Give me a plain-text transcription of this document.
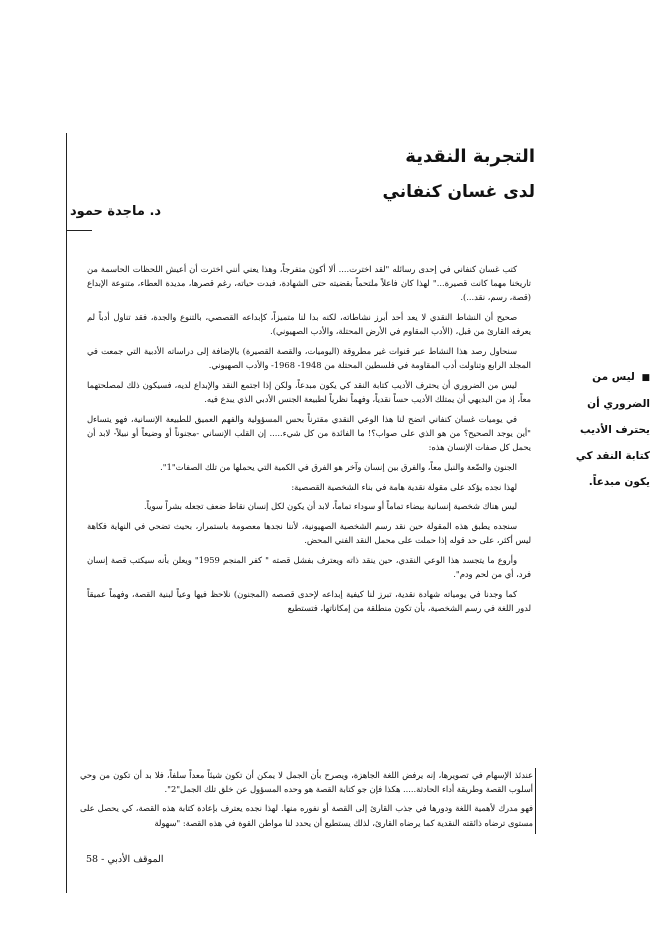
التجربة النقدية
لدى غسان كنفاني
د. ماجدة حمود

كتب غسان كنفاني في إحدى رسائله "لقد اخترت.... ألا أكون متفرجاً، وهذا يعني أنني اخترت أن أعيش اللحظات الحاسمة من تاريخنا مهما كانت قصيرة..." لهذا كان فاعلاً ملتحماً بقضيته حتى الشهادة، فبدت حياته، رغم قصرها، مديدة العطاء، متنوعة الإبداع (قصة، رسم، نقد...).

صحيح أن النشاط النقدي لا يعد أحد أبرز نشاطاته، لكنه بدا لنا متميزاً، كإبداعه القصصي، بالتنوع والجدة، فقد تناول أدباً لم يعرفه القارئ من قبل، (الأدب المقاوم في الأرض المحتلة، والأدب الصهيوني).

سنحاول رصد هذا النشاط عبر قنوات غير مطروقة (اليوميات، والقصة القصيرة) بالإضافة إلى دراساته الأدبية التي جمعت في المجلد الرابع وتناولت أدب المقاومة في فلسطين المحتلة من 1948- 1968- والأدب الصهيوني.

ليس من الضروري أن يحترف الأديب كتابة النقد كي يكون مبدعاً، ولكن إذا اجتمع النقد والإبداع لديه، فسيكون ذلك لمصلحتهما معاً، إذ من البديهي أن يمتلك الأديب حساً نقدياً، وفهماً نظرياً لطبيعة الجنس الأدبي الذي يبدع فيه.

في يوميات غسان كنفاني اتضح لنا هذا الوعي النقدي مقترناً بحس المسؤولية والفهم العميق للطبيعة الإنسانية، فهو يتساءل "أين يوجد الصحيح؟ من هو الذي على صواب؟! ما الفائدة من كل شيء..... إن القلب الإنساني -مجنوناً أو وضيعاً أو نبيلاً- لابد أن يحمل كل صفات الإنسان هذه:

الجنون والضّعة والنبل معاً، والفرق بين إنسان وآخر هو الفرق في الكمية التي يحملها من تلك الصفات"1".

لهذا نجده يؤكد على مقولة نقدية هامة في بناء الشخصية القصصية:

ليس هناك شخصية إنسانية بيضاء تماماً أو سوداء تماماً، لابد أن يكون لكل إنسان نقاط ضعف تجعله بشراً سوياً.

سنجده يطبق هذه المقولة حين نقد رسم الشخصية الصهيونية، لأننا نجدها معصومة باستمرار، بحيث تضحي في النهاية فكاهة ليس أكثر، على حد قوله إذا حملت على محمل النقد الفني المحض.

وأروع ما يتجسد هذا الوعي النقدي، حين ينقد ذاته ويعترف بفشل قصته " كفر المنجم 1959" ويعلن بأنه سيكتب قصة إنسان فرد، أي من لحم ودم".

كما وجدنا في يومياته شهادة نقدية، تبرز لنا كيفية إبداعه لإحدى قصصه (المجنون) نلاحظ فيها وعياً لبنية القصة، وفهماً عميقاً لدور اللغة في رسم الشخصية، بأن تكون منطلقة من إمكاناتها، فتستطيع

عندئذ الإسهام في تصويرها، إنه يرفض اللغة الجاهزة، ويصرح بأن الجمل لا يمكن أن تكون شيئاً معداً سلفاً، فلا بد أن تكون من وحي أسلوب القصة وطريقة أداء الحادثة..... هكذا فإن جو كتابة القصة هو وحده المسؤول عن خلق تلك الجمل"2".

فهو مدرك لأهمية اللغة ودورها في جذب القارئ إلى القصة أو نفوره منها. لهذا نجده يعترف بإعادة كتابة هذه القصة، كي يحصل على مستوى ترضاه ذائقته النقدية كما يرضاه القارئ، لذلك يستطيع أن يحدد لنا مواطن القوة في هذه القصة: "سهولة

■ ليس من الضروري أن يحترف الأديب كتابة النقد كي يكون مبدعاً.
الموقف الأدبي - 58
